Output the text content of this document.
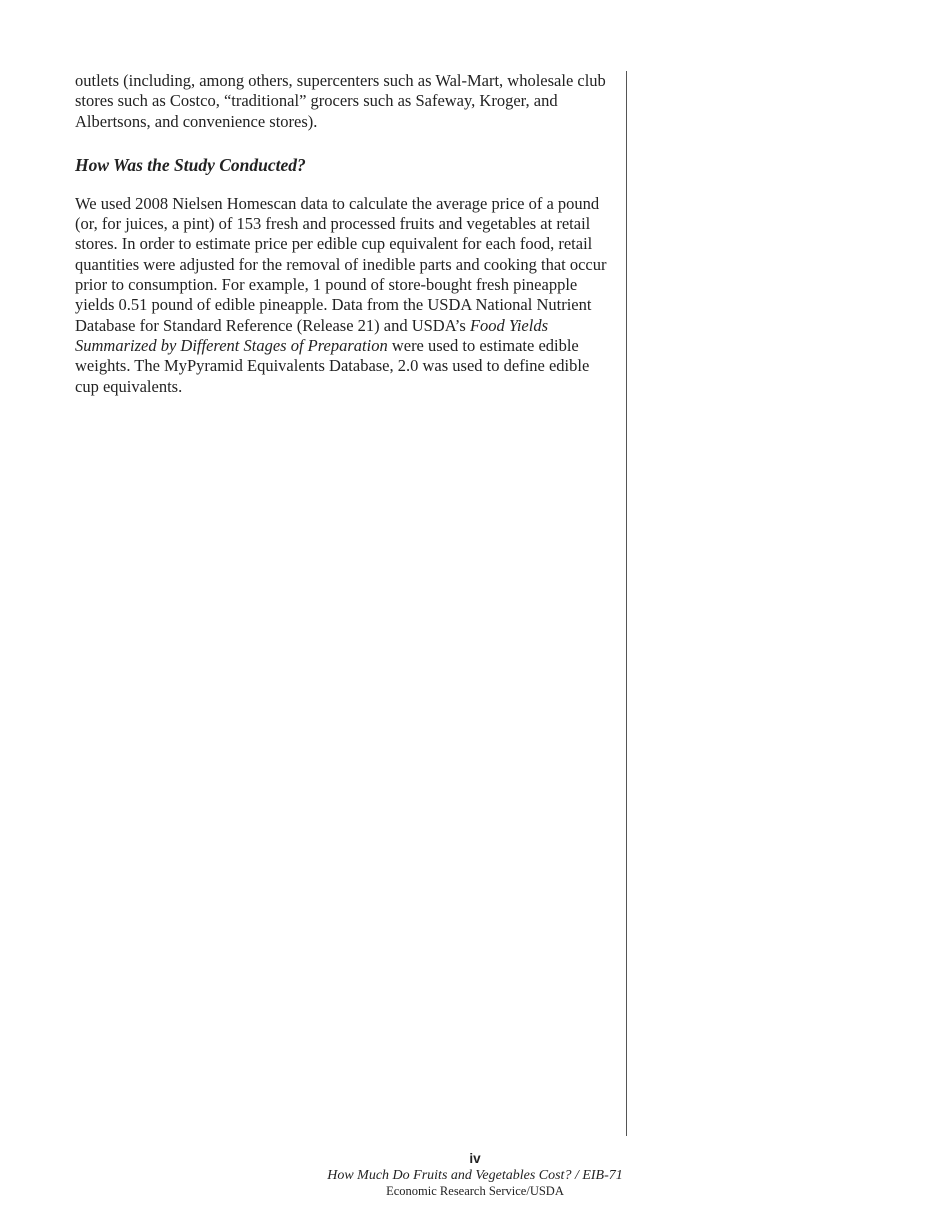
outlets (including, among others, supercenters such as Wal-Mart, wholesale club stores such as Costco, “traditional” grocers such as Safeway, Kroger, and Albertsons, and convenience stores).

How Was the Study Conducted?

We used 2008 Nielsen Homescan data to calculate the average price of a pound (or, for juices, a pint) of 153 fresh and processed fruits and vegetables at retail stores. In order to estimate price per edible cup equivalent for each food, retail quantities were adjusted for the removal of inedible parts and cooking that occur prior to consumption. For example, 1 pound of store-bought fresh pineapple yields 0.51 pound of edible pineapple. Data from the USDA National Nutrient Database for Standard Reference (Release 21) and USDA’s Food Yields Summarized by Different Stages of Preparation were used to estimate edible weights. The MyPyramid Equivalents Database, 2.0 was used to define edible cup equivalents.

iv
How Much Do Fruits and Vegetables Cost? / EIB-71
Economic Research Service/USDA
